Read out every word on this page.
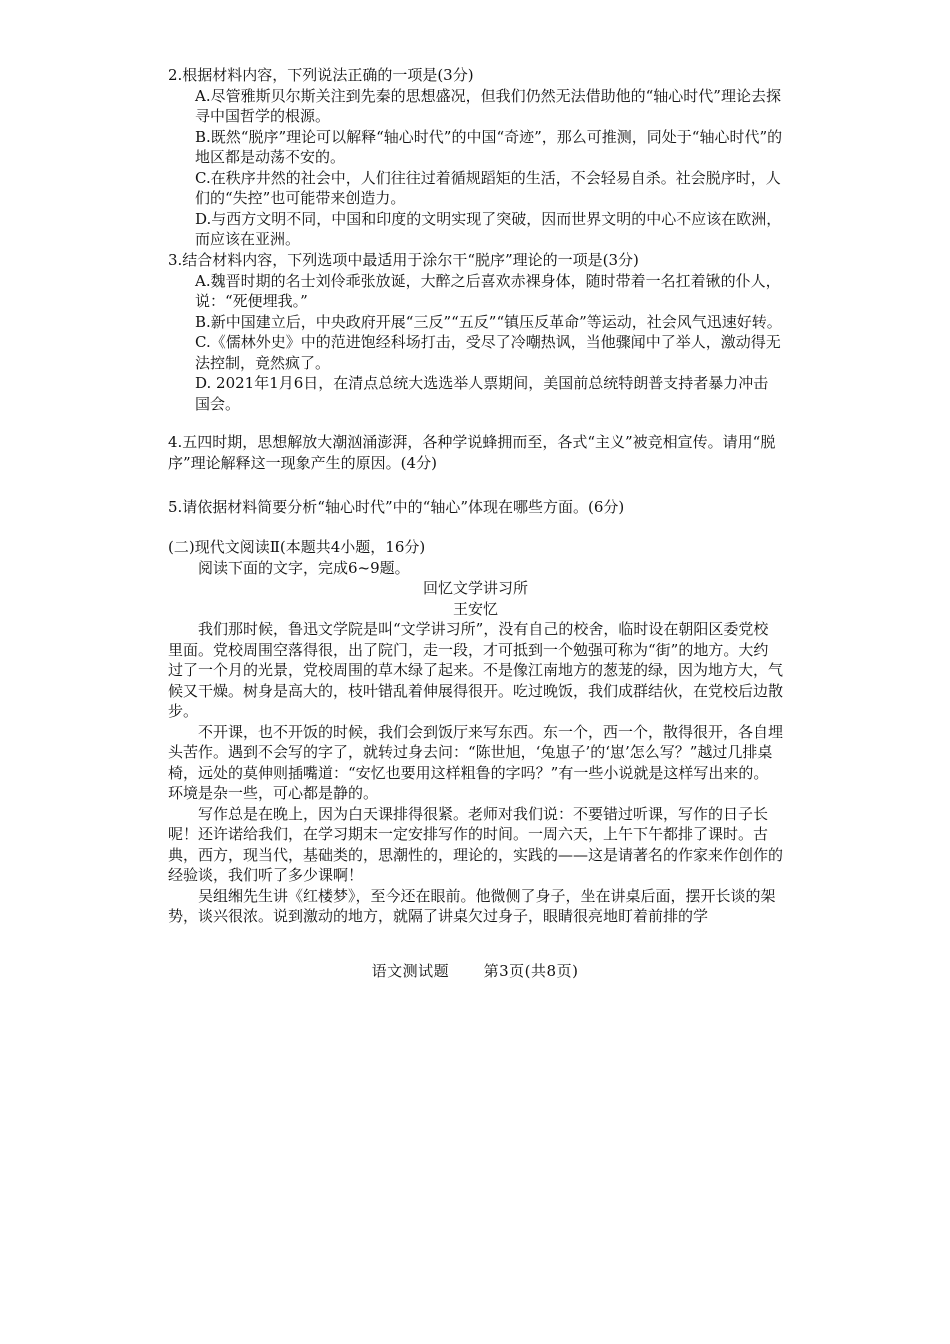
2.根据材料内容，下列说法正确的一项是(3分)

A.尽管雅斯贝尔斯关注到先秦的思想盛况，但我们仍然无法借助他的“轴心时代”理论去探寻中国哲学的根源。

B.既然“脱序”理论可以解释“轴心时代”的中国“奇迹”，那么可推测，同处于“轴心时代”的地区都是动荡不安的。

C.在秩序井然的社会中，人们往往过着循规蹈矩的生活，不会轻易自杀。社会脱序时，人们的“失控”也可能带来创造力。

D.与西方文明不同，中国和印度的文明实现了突破，因而世界文明的中心不应该在欧洲，而应该在亚洲。

3.结合材料内容，下列选项中最适用于涂尔干“脱序”理论的一项是(3分)

A.魏晋时期的名士刘伶乖张放诞，大醉之后喜欢赤裸身体，随时带着一名扛着锹的仆人，说：“死便埋我。”

B.新中国建立后，中央政府开展“三反”“五反”“镇压反革命”等运动，社会风气迅速好转。

C.《儒林外史》中的范进饱经科场打击，受尽了冷嘲热讽，当他骤闻中了举人，激动得无法控制，竟然疯了。

D. 2021年1月6日，在清点总统大选选举人票期间，美国前总统特朗普支持者暴力冲击国会。

4.五四时期，思想解放大潮汹涌澎湃，各种学说蜂拥而至，各式“主义”被竞相宣传。请用“脱序”理论解释这一现象产生的原因。(4分)

5.请依据材料简要分析“轴心时代”中的“轴心”体现在哪些方面。(6分)

(二)现代文阅读Ⅱ(本题共4小题，16分)

阅读下面的文字，完成6~9题。

回忆文学讲习所

王安忆

我们那时候，鲁迅文学院是叫“文学讲习所”，没有自己的校舍，临时设在朝阳区委党校里面。党校周围空落得很，出了院门，走一段，才可抵到一个勉强可称为“街”的地方。大约过了一个月的光景，党校周围的草木绿了起来。不是像江南地方的葱茏的绿，因为地方大，气候又干燥。树身是高大的，枝叶错乱着伸展得很开。吃过晚饭，我们成群结伙，在党校后边散步。

不开课，也不开饭的时候，我们会到饭厅来写东西。东一个，西一个，散得很开，各自埋头苦作。遇到不会写的字了，就转过身去问：“陈世旭，‘兔崽子’的‘崽’怎么写？”越过几排桌椅，远处的莫伸则插嘴道：“安忆也要用这样粗鲁的字吗？”有一些小说就是这样写出来的。环境是杂一些，可心都是静的。

写作总是在晚上，因为白天课排得很紧。老师对我们说：不要错过听课，写作的日子长呢！还许诺给我们，在学习期末一定安排写作的时间。一周六天，上午下午都排了课时。古典，西方，现当代，基础类的，思潮性的，理论的，实践的——这是请著名的作家来作创作的经验谈，我们听了多少课啊！

吴组缃先生讲《红楼梦》，至今还在眼前。他微侧了身子，坐在讲桌后面，摆开长谈的架势，谈兴很浓。说到激动的地方，就隔了讲桌欠过身子，眼睛很亮地盯着前排的学

语文测试题 第3页(共8页)
